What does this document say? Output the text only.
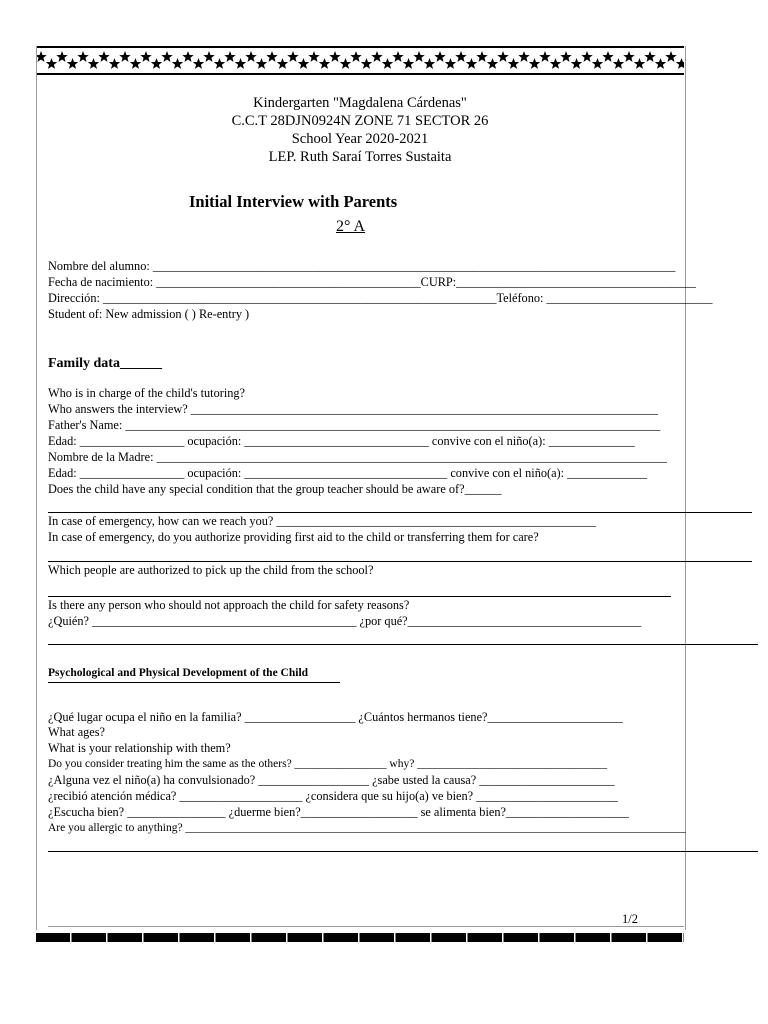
Kindergarten "Magdalena Cárdenas"
C.C.T 28DJN0924N ZONE 71 SECTOR 26
School Year 2020-2021
LEP. Ruth Saraí Torres Sustaita
Initial Interview with Parents
2° A
Nombre del alumno: _____________________________________________________________________________________
Fecha de nacimiento: ___________________________________________CURP:_______________________________________
Dirección: ________________________________________________________________Teléfono: ___________________________
Student of: New admission ( ) Re-entry )
Family data______
Who is in charge of the child's tutoring?
Who answers the interview? ____________________________________________________________________________
Father's Name: _______________________________________________________________________________________
Edad: _________________ ocupación: ______________________________ convive con el niño(a): ______________
Nombre de la Madre: ___________________________________________________________________________________
Edad: _________________ ocupación: _________________________________ convive con el niño(a): _____________
Does the child have any special condition that the group teacher should be aware of?______
In case of emergency, how can we reach you? ____________________________________________________
In case of emergency, do you authorize providing first aid to the child or transferring them for care?
Which people are authorized to pick up the child from the school?
Is there any person who should not approach the child for safety reasons?
¿Quién? ___________________________________________ ¿por qué?______________________________________
Psychological and Physical Development of the Child
¿Qué lugar ocupa el niño en la familia? __________________ ¿Cuántos hermanos tiene?______________________
What ages?
What is your relationship with them?
Do you consider treating him the same as the others? ________________ why? _________________________________
¿Alguna vez el niño(a) ha convulsionado? __________________ ¿sabe usted la causa? ______________________
¿recibió atención médica? ____________________ ¿considera que su hijo(a) ve bien? _______________________
¿Escucha bien? ________________ ¿duerme bien?___________________ se alimenta bien?____________________
Are you allergic to anything? _______________________________________________________________________________________
1/2
